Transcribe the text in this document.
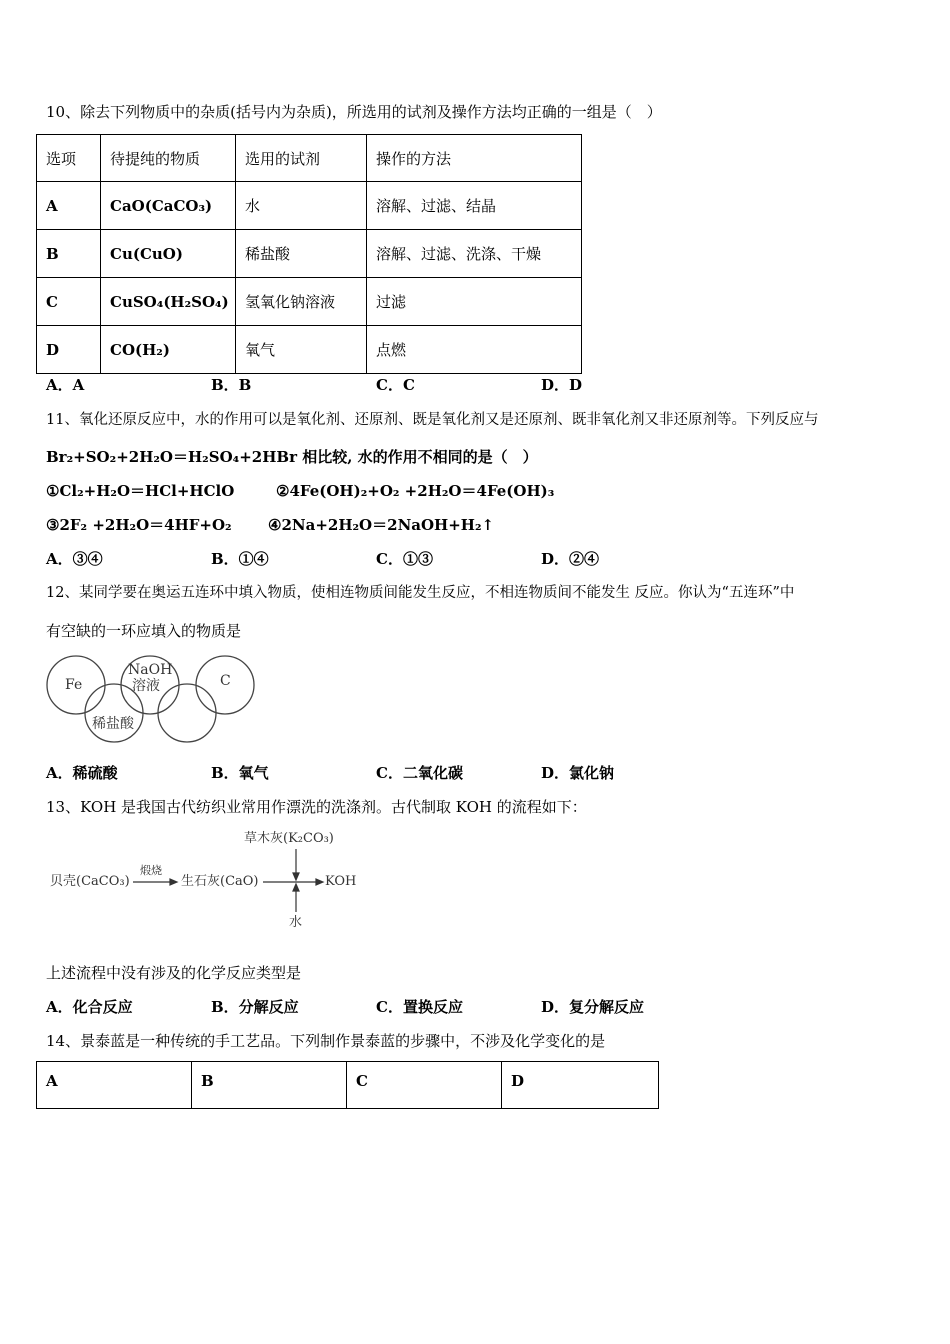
10、除去下列物质中的杂质(括号内为杂质)，所选用的试剂及操作方法均正确的一组是（　）
选项	待提纯的物质	选用的试剂	操作的方法
A	CaO(CaCO₃)	水	溶解、过滤、结晶
B	Cu(CuO)	稀盐酸	溶解、过滤、洗涤、干燥
C	CuSO₄(H₂SO₄)	氢氧化钠溶液	过滤
D	CO(H₂)	氧气	点燃
A．A	B．B	C．C	D．D
11、氧化还原反应中，水的作用可以是氧化剂、还原剂、既是氧化剂又是还原剂、既非氧化剂又非还原剂等。下列反应与
Br₂+SO₂+2H₂O＝H₂SO₄+2HBr 相比较, 水的作用不相同的是（　）
①Cl₂+H₂O＝HCl+HClO	②4Fe(OH)₂+O₂ +2H₂O＝4Fe(OH)₃
③2F₂ +2H₂O＝4HF+O₂ ④2Na+2H₂O＝2NaOH+H₂↑
A．③④	B．①④	C．①③	D．②④
12、某同学要在奥运五连环中填入物质，使相连物质间能发生反应，不相连物质间不能发生 反应。你认为“五连环”中
有空缺的一环应填入的物质是
Fe
NaOH
溶液	C
稀盐酸
A．稀硫酸	B．氧气	C．二氧化碳	D．氯化钠
13、KOH 是我国古代纺织业常用作漂洗的洗涤剂。古代制取 KOH 的流程如下：
草木灰(K₂CO₃)
贝壳(CaCO₃)
煅烧
生石灰(CaO)	KOH
水
上述流程中没有涉及的化学反应类型是
A．化合反应	B．分解反应	C．置换反应	D．复分解反应
14、景泰蓝是一种传统的手工艺品。下列制作景泰蓝的步骤中，不涉及化学变化的是
A	B	C	D
